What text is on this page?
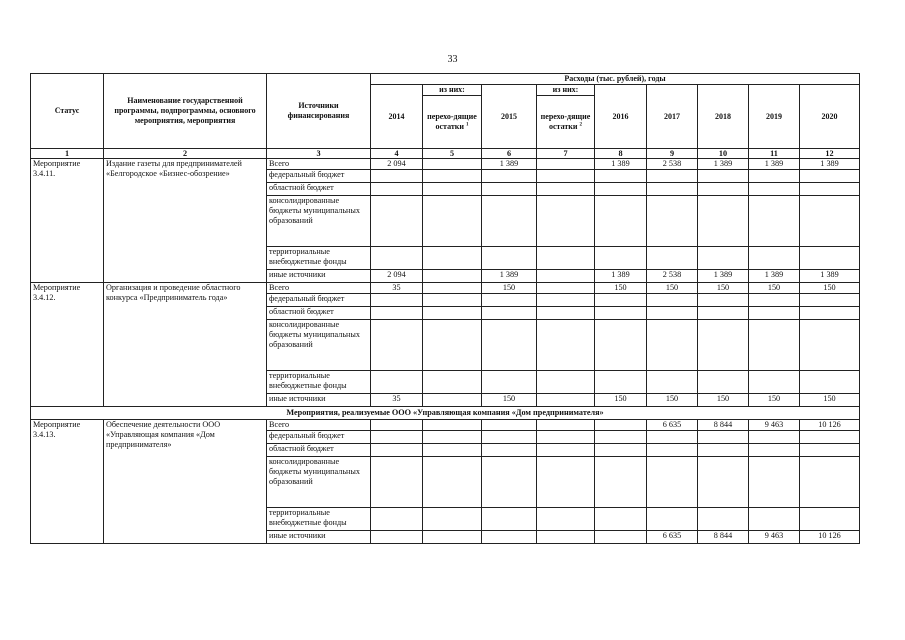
33
Статус	Наименование государственной программы, подпрограммы, основного мероприятия, мероприятия	Источники финансирования	Расходы (тыс. рублей), годы								
			2014	из них:	2015	из них:	2016	2017	2018	2019	2020
				перехо-дящие остатки $^1$		перехо-дящие остатки $^2$
1	2	3	4	5	6	7	8	9	10	11	12
Мероприятие 3.4.11.	Издание газеты для предпринимателей «Белгородское «Бизнес-обозрение»	Всего	2 094		1 389		1 389	2 538	1 389	1 389	1 389
		федеральный бюджет									
		областной бюджет									
		консолидированные бюджеты муниципальных образований									
		территориальные внебюджетные фонды									
		иные источники	2 094		1 389		1 389	2 538	1 389	1 389	1 389
Мероприятие 3.4.12.	Организация и проведение областного конкурса «Предприниматель года»	Всего	35		150		150	150	150	150	150
		федеральный бюджет									
		областной бюджет									
		консолидированные бюджеты муниципальных образований									
		территориальные внебюджетные фонды									
		иные источники	35		150		150	150	150	150	150
Мероприятия, реализуемые ООО «Управляющая компания «Дом предпринимателя»											
Мероприятие 3.4.13.	Обеспечение деятельности ООО «Управляющая компания «Дом предпринимателя»	Всего						6 635	8 844	9 463	10 126
		федеральный бюджет									
		областной бюджет									
		консолидированные бюджеты муниципальных образований									
		территориальные внебюджетные фонды									
		иные источники						6 635	8 844	9 463	10 126
